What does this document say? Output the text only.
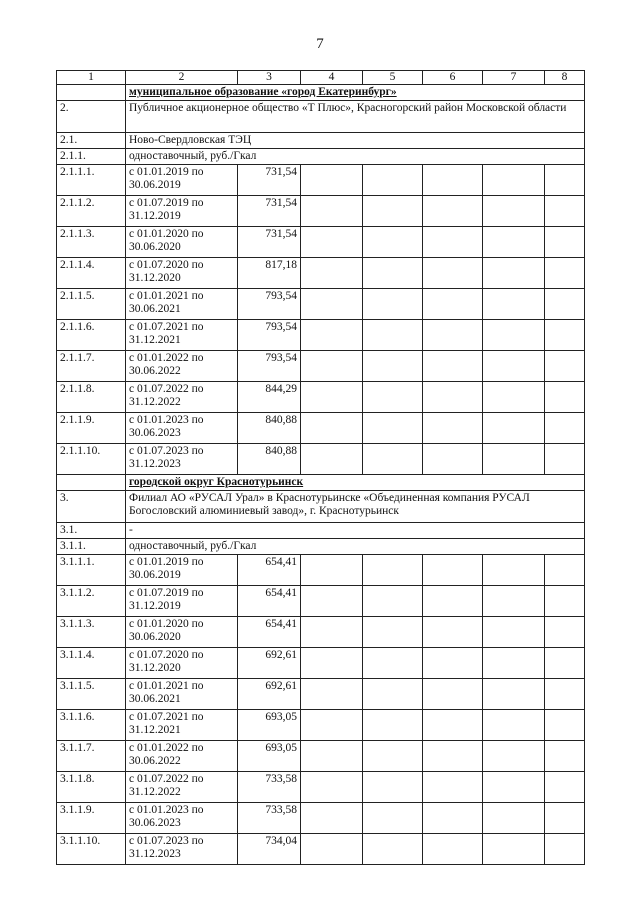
7
1	2	3	4	5	6	7	8
	муниципальное образование «город Екатеринбург»						
2.	Публичное акционерное общество «Т Плюс», Красногорский район Московской области						
2.1.	Ново-Свердловская ТЭЦ						
2.1.1.	одноставочный, руб./Гкал						
2.1.1.1.	с 01.01.2019 по 30.06.2019	731,54					
2.1.1.2.	с 01.07.2019 по 31.12.2019	731,54					
2.1.1.3.	с 01.01.2020 по 30.06.2020	731,54					
2.1.1.4.	с 01.07.2020 по 31.12.2020	817,18					
2.1.1.5.	с 01.01.2021 по 30.06.2021	793,54					
2.1.1.6.	с 01.07.2021 по 31.12.2021	793,54					
2.1.1.7.	с 01.01.2022 по 30.06.2022	793,54					
2.1.1.8.	с 01.07.2022 по 31.12.2022	844,29					
2.1.1.9.	с 01.01.2023 по 30.06.2023	840,88					
2.1.1.10.	с 01.07.2023 по 31.12.2023	840,88					
	городской округ Краснотурьинск						
3.	Филиал АО «РУСАЛ Урал» в Краснотурьинске «Объединенная компания РУСАЛ Богословский алюминиевый завод», г. Краснотурьинск						
3.1.	-						
3.1.1.	одноставочный, руб./Гкал						
3.1.1.1.	с 01.01.2019 по 30.06.2019	654,41					
3.1.1.2.	с 01.07.2019 по 31.12.2019	654,41					
3.1.1.3.	с 01.01.2020 по 30.06.2020	654,41					
3.1.1.4.	с 01.07.2020 по 31.12.2020	692,61					
3.1.1.5.	с 01.01.2021 по 30.06.2021	692,61					
3.1.1.6.	с 01.07.2021 по 31.12.2021	693,05					
3.1.1.7.	с 01.01.2022 по 30.06.2022	693,05					
3.1.1.8.	с 01.07.2022 по 31.12.2022	733,58					
3.1.1.9.	с 01.01.2023 по 30.06.2023	733,58					
3.1.1.10.	с 01.07.2023 по 31.12.2023	734,04					
